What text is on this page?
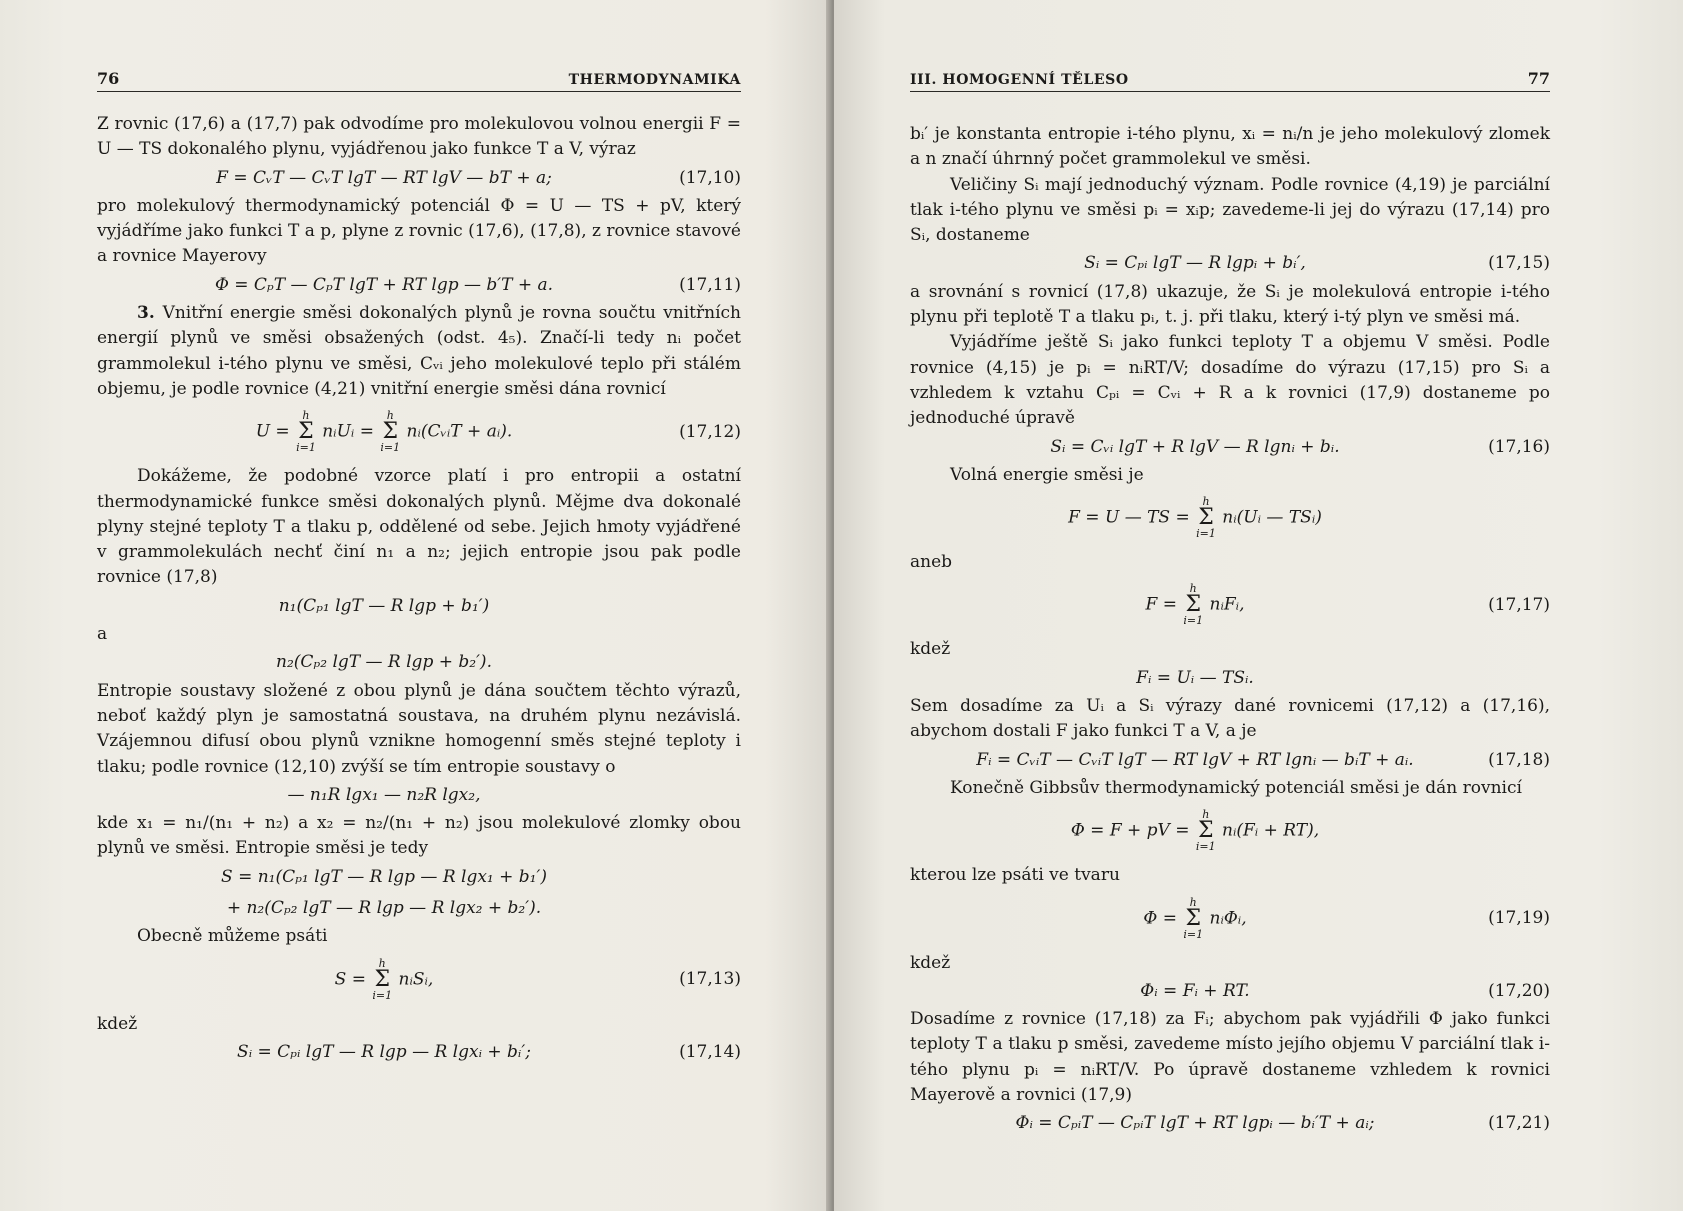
76	THERMODYNAMIKA

Z rovnic (17,6) a (17,7) pak odvodíme pro molekulovou volnou energii F = U — TS dokonalého plynu, vyjádřenou jako funkce T a V, výraz

F = CᵥT — CᵥT lgT — RT lgV — bT + a;	(17,10)

pro molekulový thermodynamický potenciál Φ = U — TS + pV, který vyjádříme jako funkci T a p, plyne z rovnic (17,6), (17,8), z rovnice stavové a rovnice Mayerovy

Φ = CₚT — CₚT lgT + RT lgp — b′T + a.	(17,11)

3. Vnitřní energie směsi dokonalých plynů je rovna součtu vnitřních energií plynů ve směsi obsažených (odst. 4₅). Značí-li tedy nᵢ počet grammolekul i-tého plynu ve směsi, Cᵥᵢ jeho molekulové teplo při stálém objemu, je podle rovnice (4,21) vnitřní energie směsi dána rovnicí

U =
h
Σ
i=1
nᵢUᵢ =
h
Σ
i=1
nᵢ(CᵥᵢT + aᵢ).	(17,12)

Dokážeme, že podobné vzorce platí i pro entropii a ostatní thermodynamické funkce směsi dokonalých plynů. Mějme dva dokonalé plyny stejné teploty T a tlaku p, oddělené od sebe. Jejich hmoty vyjádřené v grammolekulách nechť činí n₁ a n₂; jejich entropie jsou pak podle rovnice (17,8)

n₁(Cₚ₁ lgT — R lgp + b₁′)
a
n₂(Cₚ₂ lgT — R lgp + b₂′).

Entropie soustavy složené z obou plynů je dána součtem těchto výrazů, neboť každý plyn je samostatná soustava, na druhém plynu nezávislá. Vzájemnou difusí obou plynů vznikne homogenní směs stejné teploty i tlaku; podle rovnice (12,10) zvýší se tím entropie soustavy o

— n₁R lgx₁ — n₂R lgx₂,

kde x₁ = n₁/(n₁ + n₂) a x₂ = n₂/(n₁ + n₂) jsou molekulové zlomky obou plynů ve směsi. Entropie směsi je tedy

S = n₁(Cₚ₁ lgT — R lgp — R lgx₁ + b₁′)
+ n₂(Cₚ₂ lgT — R lgp — R lgx₂ + b₂′).

Obecně můžeme psáti

S =
h
Σ
i=1
nᵢSᵢ,	(17,13)
kdež
Sᵢ = Cₚᵢ lgT — R lgp — R lgxᵢ + bᵢ′;	(17,14)
III. HOMOGENNÍ TĚLESO	77

bᵢ′ je konstanta entropie i-tého plynu, xᵢ = nᵢ/n je jeho molekulový zlomek a n značí úhrnný počet grammolekul ve směsi.

Veličiny Sᵢ mají jednoduchý význam. Podle rovnice (4,19) je parciální tlak i-tého plynu ve směsi pᵢ = xᵢp; zavedeme-li jej do výrazu (17,14) pro Sᵢ, dostaneme

Sᵢ = Cₚᵢ lgT — R lgpᵢ + bᵢ′,	(17,15)

a srovnání s rovnicí (17,8) ukazuje, že Sᵢ je molekulová entropie i-tého plynu při teplotě T a tlaku pᵢ, t. j. při tlaku, který i-tý plyn ve směsi má.

Vyjádříme ještě Sᵢ jako funkci teploty T a objemu V směsi. Podle rovnice (4,15) je pᵢ = nᵢRT/V; dosadíme do výrazu (17,15) pro Sᵢ a vzhledem k vztahu Cₚᵢ = Cᵥᵢ + R a k rovnici (17,9) dostaneme po jednoduché úpravě

Sᵢ = Cᵥᵢ lgT + R lgV — R lgnᵢ + bᵢ.	(17,16)

Volná energie směsi je

F = U — TS =
h
Σ
i=1
nᵢ(Uᵢ — TSᵢ)
aneb
F =
h
Σ
i=1
nᵢFᵢ,	(17,17)
kdež
Fᵢ = Uᵢ — TSᵢ.

Sem dosadíme za Uᵢ a Sᵢ výrazy dané rovnicemi (17,12) a (17,16), abychom dostali F jako funkci T a V, a je

Fᵢ = CᵥᵢT — CᵥᵢT lgT — RT lgV + RT lgnᵢ — bᵢT + aᵢ.	(17,18)

Konečně Gibbsův thermodynamický potenciál směsi je dán rovnicí

Φ = F + pV =
h
Σ
i=1
nᵢ(Fᵢ + RT),
kterou lze psáti ve tvaru
Φ =
h
Σ
i=1
nᵢΦᵢ,	(17,19)
kdež
Φᵢ = Fᵢ + RT.	(17,20)

Dosadíme z rovnice (17,18) za Fᵢ; abychom pak vyjádřili Φ jako funkci teploty T a tlaku p směsi, zavedeme místo jejího objemu V parciální tlak i-tého plynu pᵢ = nᵢRT/V. Po úpravě dostaneme vzhledem k rovnici Mayerově a rovnici (17,9)

Φᵢ = CₚᵢT — CₚᵢT lgT + RT lgpᵢ — bᵢ′T + aᵢ;	(17,21)
